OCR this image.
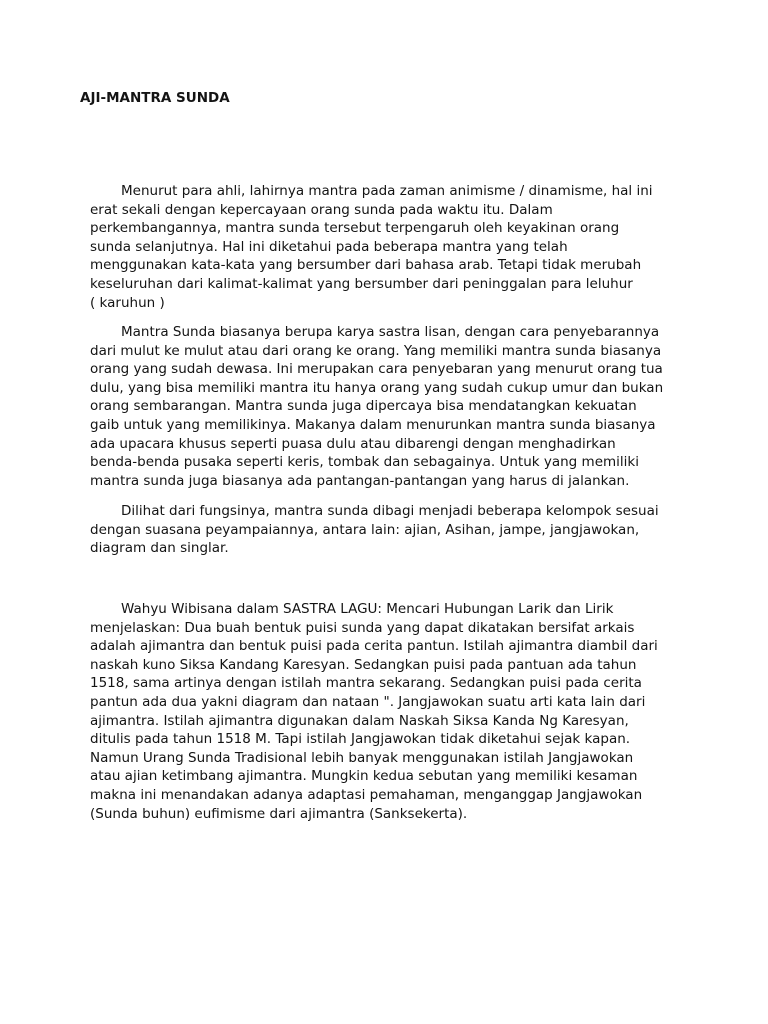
AJI-MANTRA SUNDA

Menurut para ahli, lahirnya mantra pada zaman animisme / dinamisme, hal ini
erat sekali dengan kepercayaan orang sunda pada waktu itu. Dalam
perkembangannya, mantra sunda tersebut terpengaruh oleh keyakinan orang
sunda selanjutnya. Hal ini diketahui pada beberapa mantra yang telah
menggunakan kata-kata yang bersumber dari bahasa arab. Tetapi tidak merubah
keseluruhan dari kalimat-kalimat yang bersumber dari peninggalan para leluhur
( karuhun )

Mantra Sunda biasanya berupa karya sastra lisan, dengan cara penyebarannya
dari mulut ke mulut atau dari orang ke orang. Yang memiliki mantra sunda biasanya
orang yang sudah dewasa. Ini merupakan cara penyebaran yang menurut orang tua
dulu, yang bisa memiliki mantra itu hanya orang yang sudah cukup umur dan bukan
orang sembarangan. Mantra sunda juga dipercaya bisa mendatangkan kekuatan
gaib untuk yang memilikinya. Makanya dalam menurunkan mantra sunda biasanya
ada upacara khusus seperti puasa dulu atau dibarengi dengan menghadirkan
benda-benda pusaka seperti keris, tombak dan sebagainya. Untuk yang memiliki
mantra sunda juga biasanya ada pantangan-pantangan yang harus di jalankan.

Dilihat dari fungsinya, mantra sunda dibagi menjadi beberapa kelompok sesuai
dengan suasana peyampaiannya, antara lain: ajian, Asihan, jampe, jangjawokan,
diagram dan singlar.

Wahyu Wibisana dalam SASTRA LAGU: Mencari Hubungan Larik dan Lirik
menjelaskan: Dua buah bentuk puisi sunda yang dapat dikatakan bersifat arkais
adalah ajimantra dan bentuk puisi pada cerita pantun. Istilah ajimantra diambil dari
naskah kuno Siksa Kandang Karesyan. Sedangkan puisi pada pantuan ada tahun
1518, sama artinya dengan istilah mantra sekarang. Sedangkan puisi pada cerita
pantun ada dua yakni diagram dan nataan ". Jangjawokan suatu arti kata lain dari
ajimantra. Istilah ajimantra digunakan dalam Naskah Siksa Kanda Ng Karesyan,
ditulis pada tahun 1518 M. Tapi istilah Jangjawokan tidak diketahui sejak kapan.
Namun Urang Sunda Tradisional lebih banyak menggunakan istilah Jangjawokan
atau ajian ketimbang ajimantra. Mungkin kedua sebutan yang memiliki kesaman
makna ini menandakan adanya adaptasi pemahaman, menganggap Jangjawokan
(Sunda buhun) eufimisme dari ajimantra (Sanksekerta).
